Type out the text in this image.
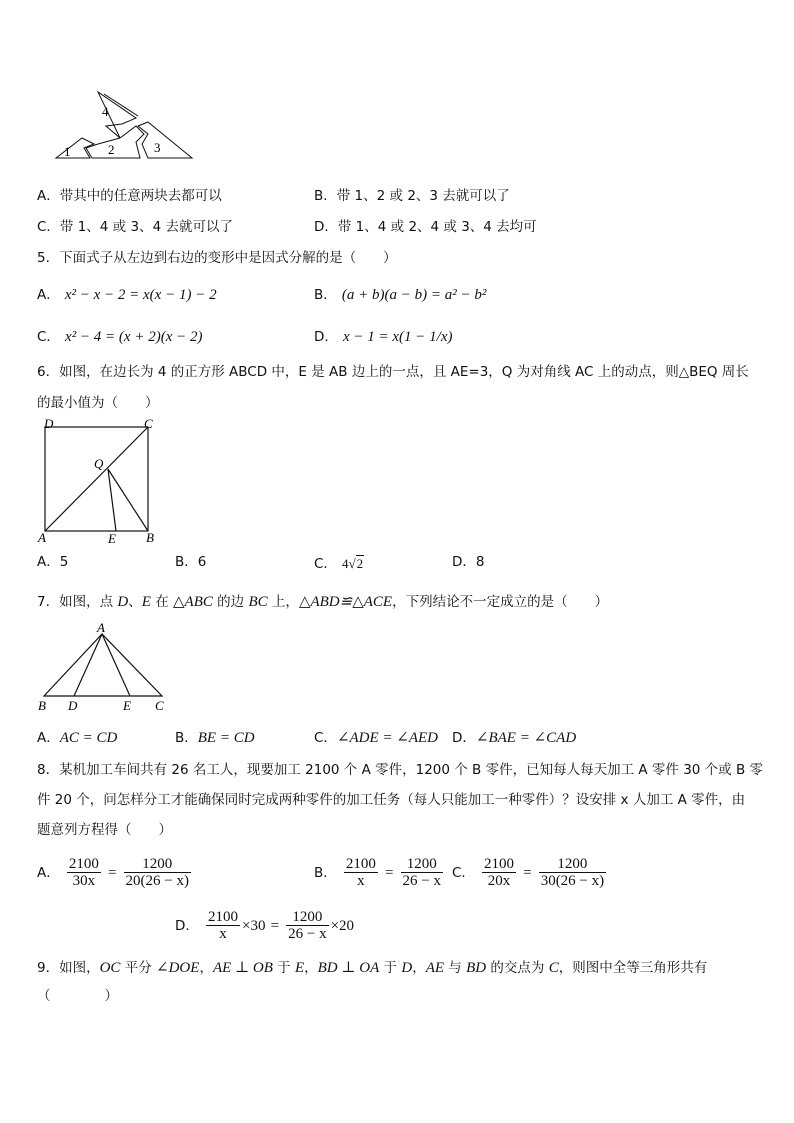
4
2	3
1
A．带其中的任意两块去都可以	B．带 1、2 或 2、3 去就可以了
C．带 1、4 或 3、4 去就可以了	D．带 1、4 或 2、4 或 3、4 去均可
5．下面式子从左边到右边的变形中是因式分解的是（　　）
A． x² − x − 2 = x(x − 1) − 2	B． (a + b)(a − b) = a² − b²
C． x² − 4 = (x + 2)(x − 2)	D． x − 1 = x(1 − 1/x)
6．如图，在边长为 4 的正方形 ABCD 中，E 是 AB 边上的一点，且 AE=3，Q 为对角线 AC 上的动点，则△BEQ 周长
的最小值为（　　）
D	C
Q
A	E B
A．5	B．6	C． 4√2	D．8
7．如图，点 D、E 在 △ABC 的边 BC 上，△ABD≌△ACE，下列结论不一定成立的是（　　）
A
B D	E C
A．AC = CD	B．BE = CD	C．∠ADE = ∠AED D．∠BAE = ∠CAD
8．某机加工车间共有 26 名工人，现要加工 2100 个 A 零件，1200 个 B 零件，已知每人每天加工 A 零件 30 个或 B 零
件 20 个，问怎样分工才能确保同时完成两种零件的加工任务（每人只能加工一种零件）？设安排 x 人加工 A 零件，由
题意列方程得（　　）
A． $\frac{2100}{30x} = \frac{1200}{20(26 - x)}$	B． $\frac{2100}{x} = \frac{1200}{26 - x}$ C． $\frac{2100}{20x} = \frac{1200}{30(26 - x)}$
D． $\frac{2100}{x} \times 30 = \frac{1200}{26 - x} \times 20$
9．如图，OC 平分 ∠DOE，AE ⊥ OB 于 E，BD ⊥ OA 于 D，AE 与 BD 的交点为 C，则图中全等三角形共有
（　　　　）
